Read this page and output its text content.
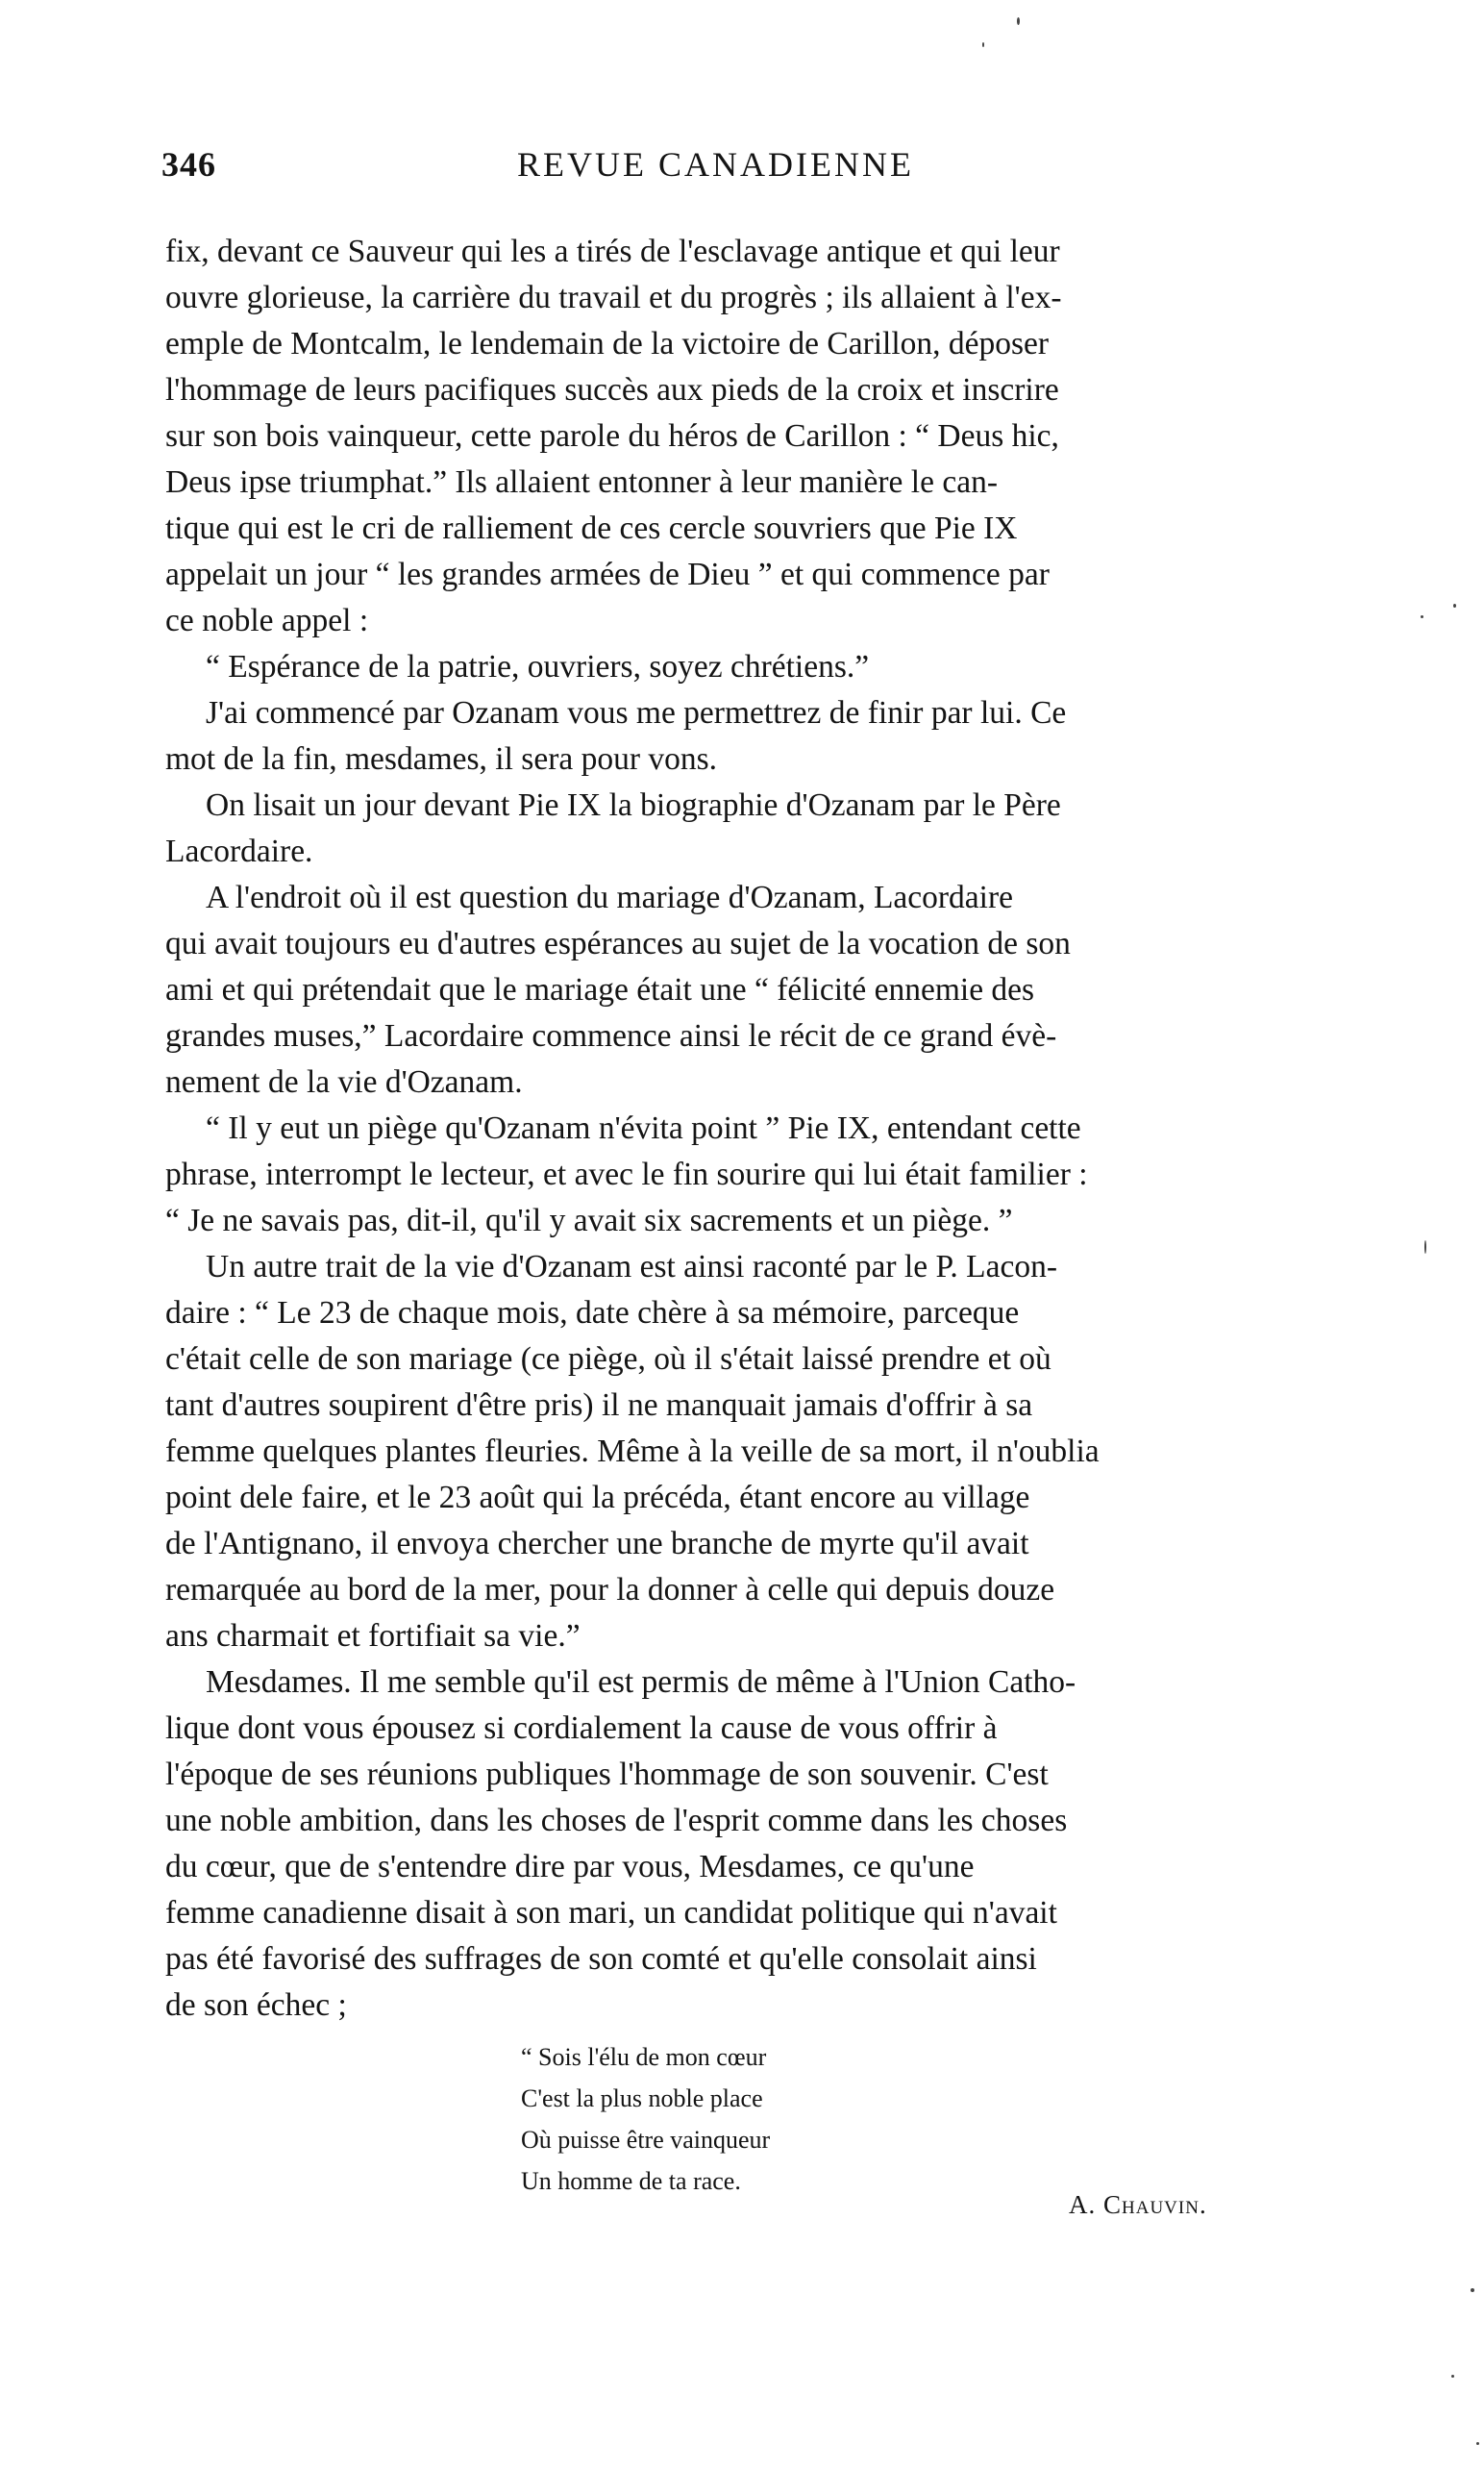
346	REVUE CANADIENNE
fix, devant ce Sauveur qui les a tirés de l'esclavage antique et qui leur
ouvre glorieuse, la carrière du travail et du progrès ; ils allaient à l'ex-
emple de Montcalm, le lendemain de la victoire de Carillon, déposer
l'hommage de leurs pacifiques succès aux pieds de la croix et inscrire
sur son bois vainqueur, cette parole du héros de Carillon : “ Deus hic,
Deus ipse triumphat.” Ils allaient entonner à leur manière le can-
tique qui est le cri de ralliement de ces cercle souvriers que Pie IX
appelait un jour “ les grandes armées de Dieu ” et qui commence par
ce noble appel :
“ Espérance de la patrie, ouvriers, soyez chrétiens.”
J'ai commencé par Ozanam vous me permettrez de finir par lui. Ce
mot de la fin, mesdames, il sera pour vons.
On lisait un jour devant Pie IX la biographie d'Ozanam par le Père
Lacordaire.
A l'endroit où il est question du mariage d'Ozanam, Lacordaire
qui avait toujours eu d'autres espérances au sujet de la vocation de son
ami et qui prétendait que le mariage était une “ félicité ennemie des
grandes muses,” Lacordaire commence ainsi le récit de ce grand évè-
nement de la vie d'Ozanam.
“ Il y eut un piège qu'Ozanam n'évita point ” Pie IX, entendant cette
phrase, interrompt le lecteur, et avec le fin sourire qui lui était familier :
“ Je ne savais pas, dit-il, qu'il y avait six sacrements et un piège. ”
Un autre trait de la vie d'Ozanam est ainsi raconté par le P. Lacon-
daire : “ Le 23 de chaque mois, date chère à sa mémoire, parceque
c'était celle de son mariage (ce piège, où il s'était laissé prendre et où
tant d'autres soupirent d'être pris) il ne manquait jamais d'offrir à sa
femme quelques plantes fleuries. Même à la veille de sa mort, il n'oublia
point dele faire, et le 23 août qui la précéda, étant encore au village
de l'Antignano, il envoya chercher une branche de myrte qu'il avait
remarquée au bord de la mer, pour la donner à celle qui depuis douze
ans charmait et fortifiait sa vie.”
Mesdames. Il me semble qu'il est permis de même à l'Union Catho-
lique dont vous épousez si cordialement la cause de vous offrir à
l'époque de ses réunions publiques l'hommage de son souvenir. C'est
une noble ambition, dans les choses de l'esprit comme dans les choses
du cœur, que de s'entendre dire par vous, Mesdames, ce qu'une
femme canadienne disait à son mari, un candidat politique qui n'avait
pas été favorisé des suffrages de son comté et qu'elle consolait ainsi
de son échec ;
“ Sois l'élu de mon cœur
C'est la plus noble place
Où puisse être vainqueur
Un homme de ta race.
A. Chauvin.
